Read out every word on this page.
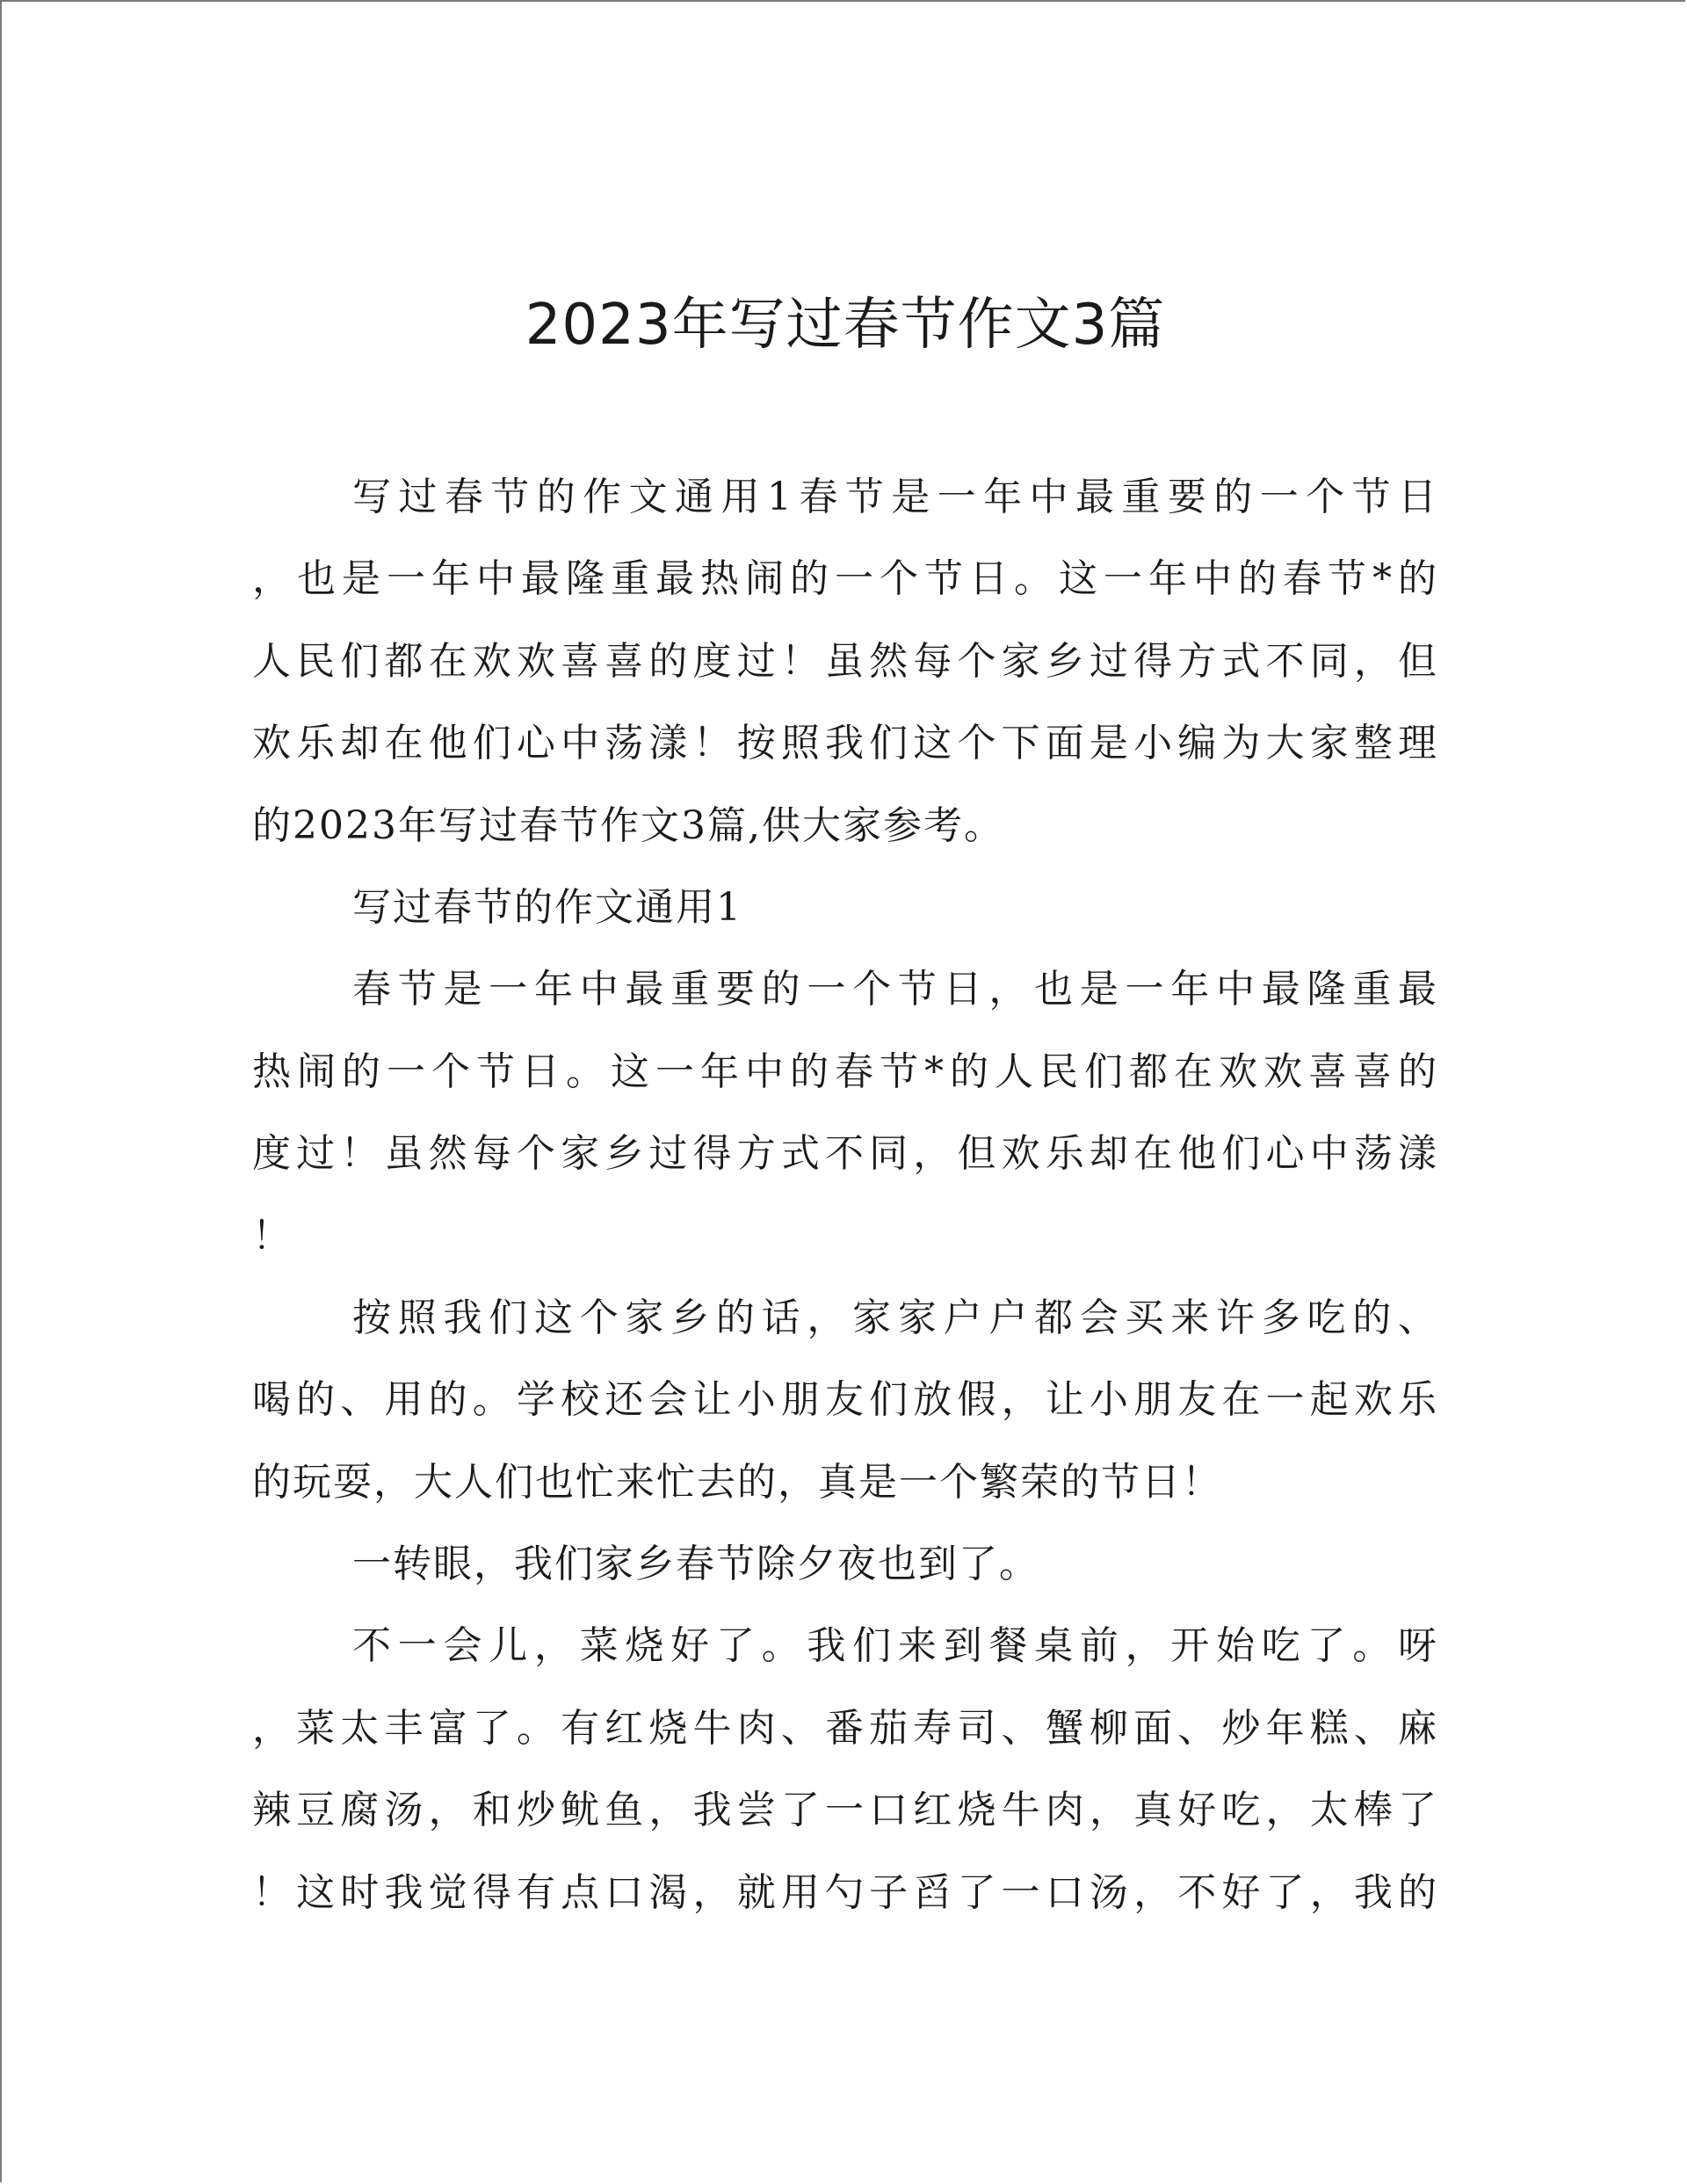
2023年写过春节作文3篇
写过春节的作文通用1春节是一年中最重要的一个节日
，也是一年中最隆重最热闹的一个节日。这一年中的春节*的
人民们都在欢欢喜喜的度过！虽然每个家乡过得方式不同，但
欢乐却在他们心中荡漾！按照我们这个下面是小编为大家整理
的2023年写过春节作文3篇,供大家参考。
写过春节的作文通用1
春节是一年中最重要的一个节日，也是一年中最隆重最
热闹的一个节日。这一年中的春节*的人民们都在欢欢喜喜的
度过！虽然每个家乡过得方式不同，但欢乐却在他们心中荡漾
！
按照我们这个家乡的话，家家户户都会买来许多吃的、
喝的、用的。学校还会让小朋友们放假，让小朋友在一起欢乐
的玩耍，大人们也忙来忙去的，真是一个繁荣的节日！
一转眼，我们家乡春节除夕夜也到了。
不一会儿，菜烧好了。我们来到餐桌前，开始吃了。呀
，菜太丰富了。有红烧牛肉、番茄寿司、蟹柳面、炒年糕、麻
辣豆腐汤，和炒鱿鱼，我尝了一口红烧牛肉，真好吃，太棒了
！这时我觉得有点口渴，就用勺子舀了一口汤，不好了，我的
